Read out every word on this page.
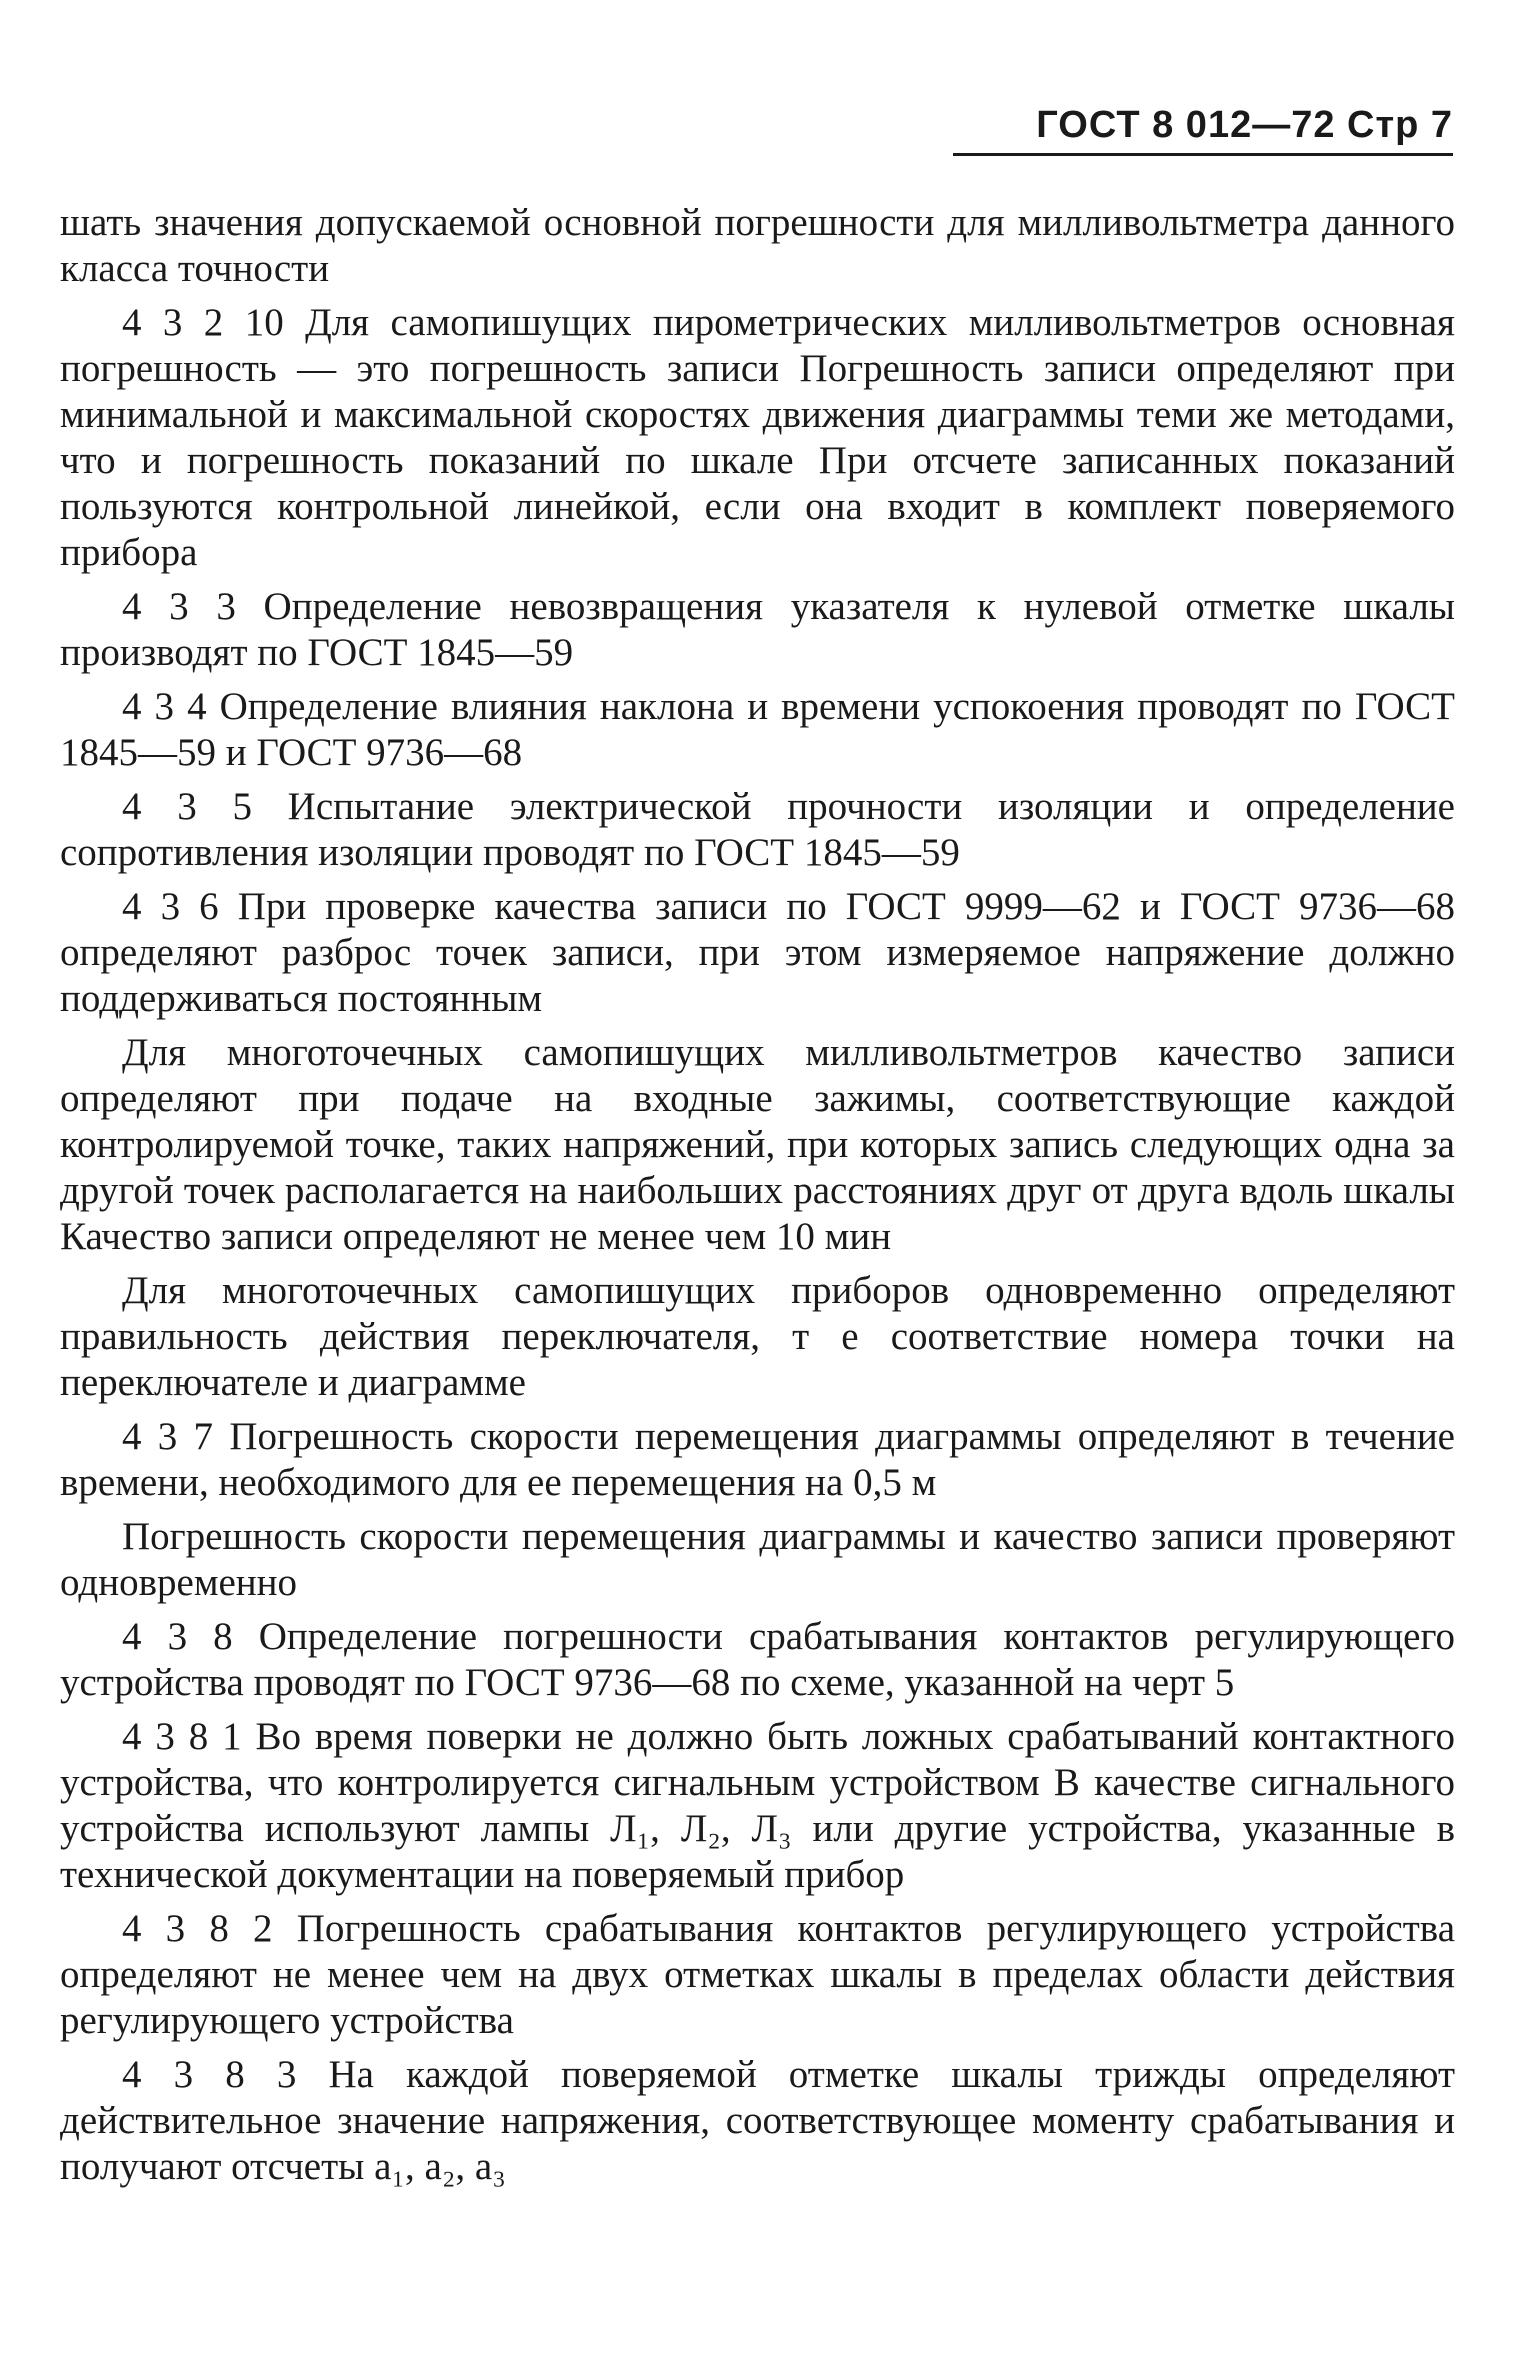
ГОСТ 8 012—72 Стр 7

шать значения допускаемой основной погрешности для милливольтметра данного класса точности

4 3 2 10 Для самопишущих пирометрических милливольтметров основная погрешность — это погрешность записи Погрешность записи определяют при минимальной и максимальной скоростях движения диаграммы теми же методами, что и погрешность показаний по шкале При отсчете записанных показаний пользуются контрольной линейкой, если она входит в комплект поверяемого прибора

4 3 3 Определение невозвращения указателя к нулевой отметке шкалы производят по ГОСТ 1845—59

4 3 4 Определение влияния наклона и времени успокоения проводят по ГОСТ 1845—59 и ГОСТ 9736—68

4 3 5 Испытание электрической прочности изоляции и определение сопротивления изоляции проводят по ГОСТ 1845—59

4 3 6 При проверке качества записи по ГОСТ 9999—62 и ГОСТ 9736—68 определяют разброс точек записи, при этом измеряемое напряжение должно поддерживаться постоянным

Для многоточечных самопишущих милливольтметров качество записи определяют при подаче на входные зажимы, соответствующие каждой контролируемой точке, таких напряжений, при которых запись следующих одна за другой точек располагается на наибольших расстояниях друг от друга вдоль шкалы Качество записи определяют не менее чем 10 мин

Для многоточечных самопишущих приборов одновременно определяют правильность действия переключателя, т е соответствие номера точки на переключателе и диаграмме

4 3 7 Погрешность скорости перемещения диаграммы определяют в течение времени, необходимого для ее перемещения на 0,5 м

Погрешность скорости перемещения диаграммы и качество записи проверяют одновременно

4 3 8 Определение погрешности срабатывания контактов регулирующего устройства проводят по ГОСТ 9736—68 по схеме, указанной на черт 5

4 3 8 1 Во время поверки не должно быть ложных срабатываний контактного устройства, что контролируется сигнальным устройством В качестве сигнального устройства используют лампы Л₁, Л₂, Л₃ или другие устройства, указанные в технической документации на поверяемый прибор

4 3 8 2 Погрешность срабатывания контактов регулирующего устройства определяют не менее чем на двух отметках шкалы в пределах области действия регулирующего устройства

4 3 8 3 На каждой поверяемой отметке шкалы трижды определяют действительное значение напряжения, соответствующее моменту срабатывания и получают отсчеты a₁, a₂, a₃
